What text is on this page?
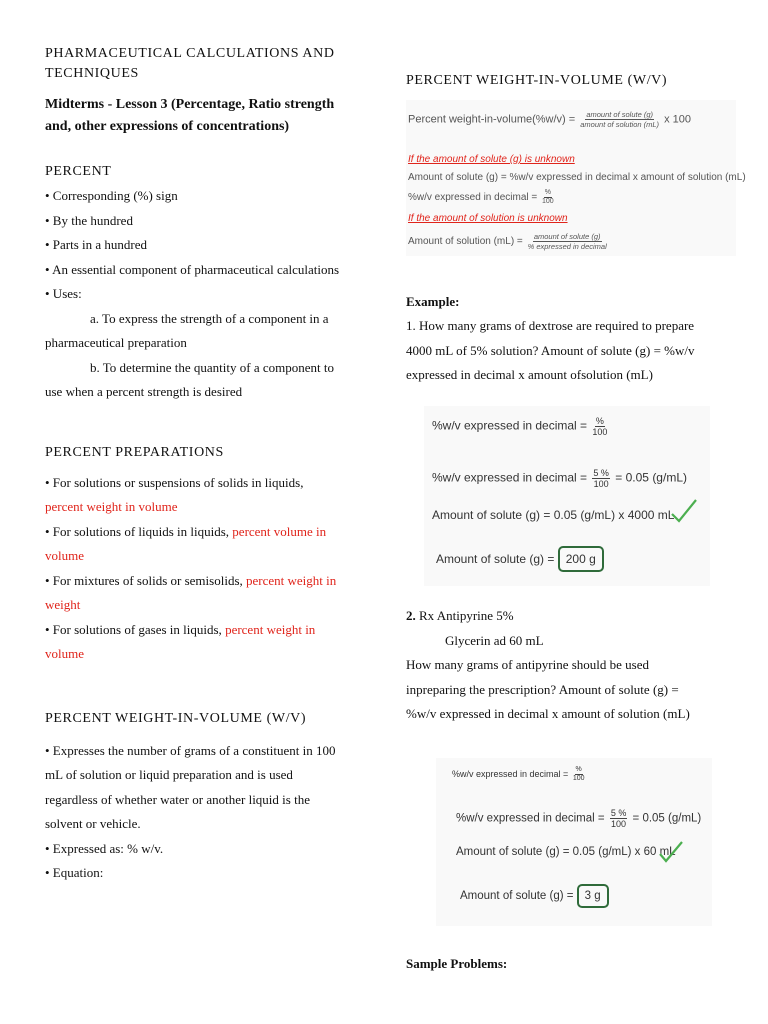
PHARMACEUTICAL CALCULATIONS AND
TECHNIQUES
Midterms - Lesson 3 (Percentage, Ratio strength
and, other expressions of concentrations)
PERCENT
• Corresponding (%) sign
• By the hundred
• Parts in a hundred
• An essential component of pharmaceutical calculations
• Uses:
a. To express the strength of a component in a
pharmaceutical preparation
b. To determine the quantity of a component to
use when a percent strength is desired
PERCENT PREPARATIONS
• For solutions or suspensions of solids in liquids,
percent weight in volume
• For solutions of liquids in liquids, percent volume in
volume
• For mixtures of solids or semisolids, percent weight in
weight
• For solutions of gases in liquids, percent weight in
volume
PERCENT WEIGHT-IN-VOLUME (W/V)
• Expresses the number of grams of a constituent in 100
mL of solution or liquid preparation and is used
regardless of whether water or another liquid is the
solvent or vehicle.
• Expressed as: % w/v.
• Equation:
PERCENT WEIGHT-IN-VOLUME (W/V)
Percent weight-in-volume(%w/v) = $\frac{\text{amount of solute (g)}}{\text{amount of solution (mL)}}$ x 100
If the amount of solute (g) is unknown
Amount of solute (g) = %w/v expressed in decimal x amount of solution (mL)
%w/v expressed in decimal = %
100
If the amount of solution is unknown
Amount of solution $(mL) = \frac{\text{amount of solute (g)}}{\text{\% expressed in decimal}}$
Example:
1. How many grams of dextrose are required to prepare
4000 mL of 5% solution? Amount of solute (g) = %w/v
expressed in decimal x amount ofsolution (mL)
%w/v expressed in decimal = %
100
%w/v expressed in decimal = $\frac{5 \%}{100} = 0.05$ (g/mL)
Amount of solute (g) = 0.05 (g/mL) x 4000 mL
Amount of solute (g) = 200 g
2. Rx Antipyrine 5%
Glycerin ad 60 mL
How many grams of antipyrine should be used
inpreparing the prescription? Amount of solute (g) =
%w/v expressed in decimal x amount of solution (mL)
%w/v expressed in decimal = %
100
%w/v expressed in decimal = $\frac{5 \%}{100} = 0.05$ (g/mL)
Amount of solute (g) = 0.05 (g/mL) x 60 mL
Amount of solute (g) = 3 g
Sample Problems:
